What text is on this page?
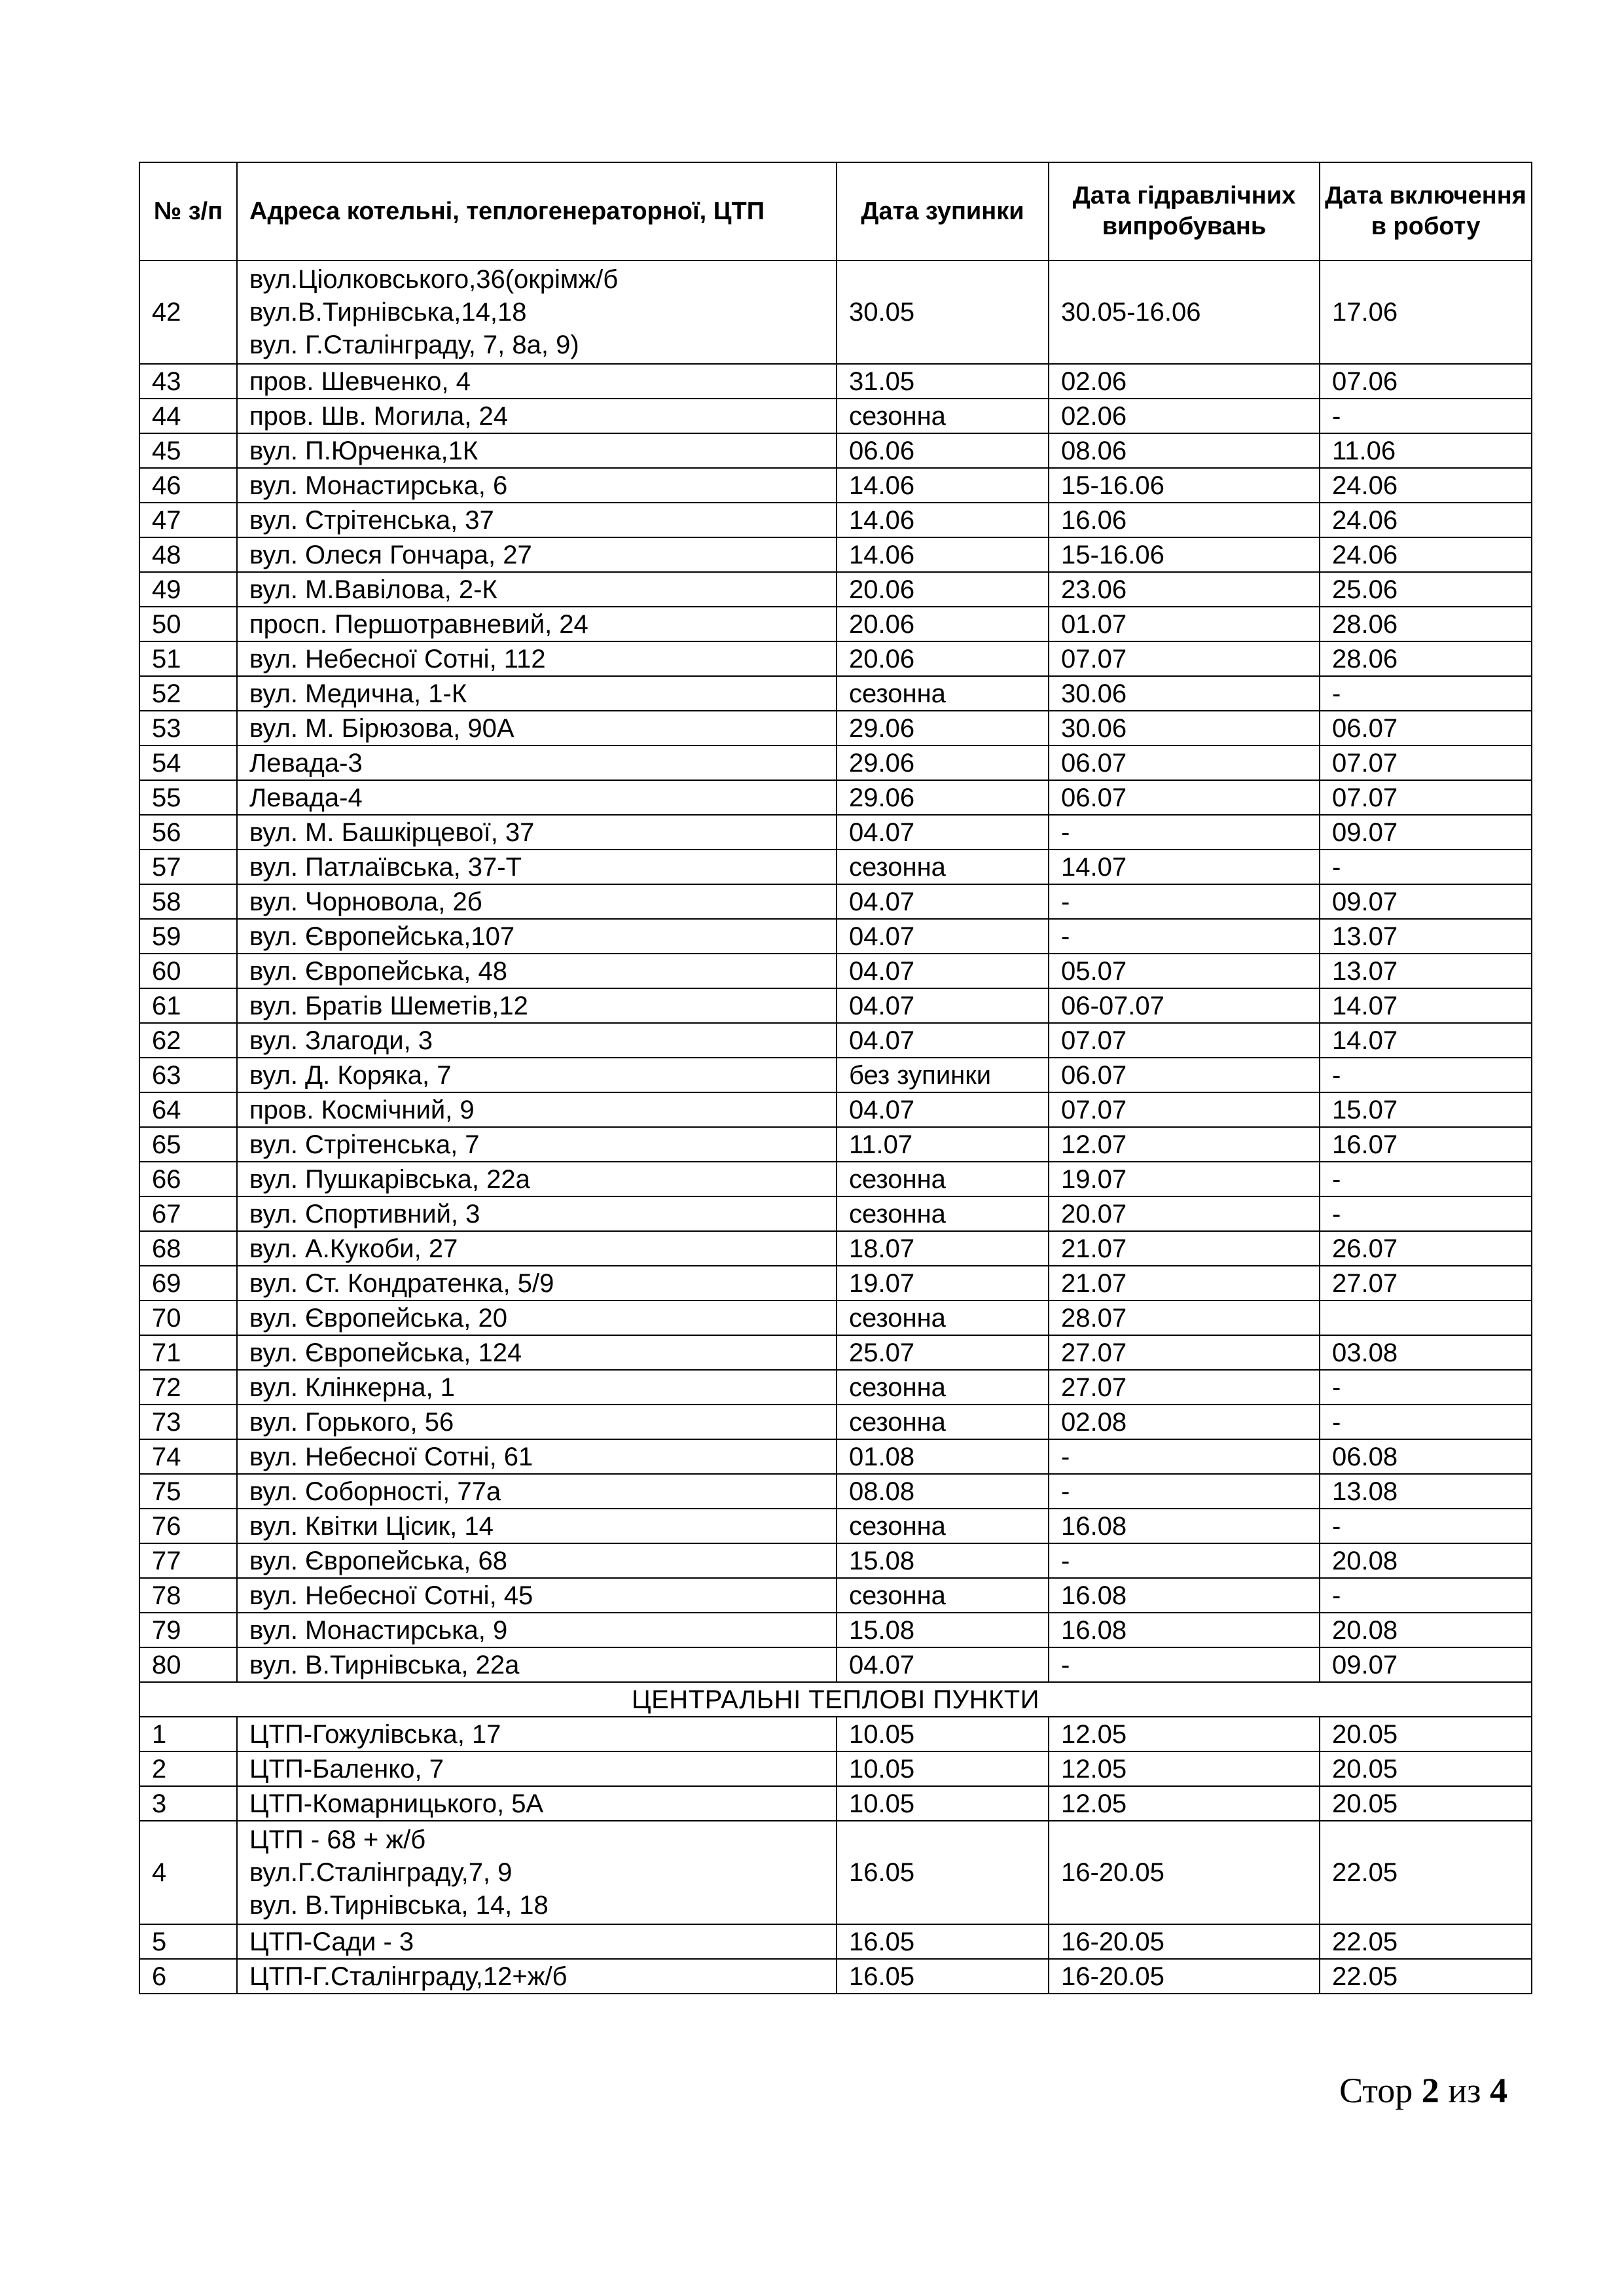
№ з/п	Адреса котельні, теплогенераторної, ЦТП	Дата зупинки	Дата гідравлічних випробувань	Дата включення в роботу
42	вул.Ціолковського,36(окрімж/б
вул.В.Тирнівська,14,18
вул. Г.Сталінграду, 7, 8а, 9)	30.05	30.05-16.06	17.06
43	пров. Шевченко, 4	31.05	02.06	07.06
44	пров. Шв. Могила, 24	сезонна	02.06	-
45	вул. П.Юрченка,1К	06.06	08.06	11.06
46	вул. Монастирська, 6	14.06	15-16.06	24.06
47	вул. Стрітенська, 37	14.06	16.06	24.06
48	вул. Олеся Гончара, 27	14.06	15-16.06	24.06
49	вул. М.Вавілова, 2-К	20.06	23.06	25.06
50	просп. Першотравневий, 24	20.06	01.07	28.06
51	вул. Небесної Сотні, 112	20.06	07.07	28.06
52	вул. Медична, 1-К	сезонна	30.06	-
53	вул. М. Бірюзова, 90А	29.06	30.06	06.07
54	Левада-3	29.06	06.07	07.07
55	Левада-4	29.06	06.07	07.07
56	вул. М. Башкірцевої, 37	04.07	-	09.07
57	вул. Патлаївська, 37-Т	сезонна	14.07	-
58	вул. Чорновола, 2б	04.07	-	09.07
59	вул. Європейська,107	04.07	-	13.07
60	вул. Європейська, 48	04.07	05.07	13.07
61	вул. Братів Шеметів,12	04.07	06-07.07	14.07
62	вул. Злагоди, 3	04.07	07.07	14.07
63	вул. Д. Коряка, 7	без зупинки	06.07	-
64	пров. Космічний, 9	04.07	07.07	15.07
65	вул. Стрітенська, 7	11.07	12.07	16.07
66	вул. Пушкарівська, 22а	сезонна	19.07	-
67	вул. Спортивний, 3	сезонна	20.07	-
68	вул. А.Кукоби, 27	18.07	21.07	26.07
69	вул. Ст. Кондратенка, 5/9	19.07	21.07	27.07
70	вул. Європейська, 20	сезонна	28.07	
71	вул. Європейська, 124	25.07	27.07	03.08
72	вул. Клінкерна, 1	сезонна	27.07	-
73	вул. Горького, 56	сезонна	02.08	-
74	вул. Небесної Сотні, 61	01.08	-	06.08
75	вул. Соборності, 77а	08.08	-	13.08
76	вул. Квітки Цісик, 14	сезонна	16.08	-
77	вул. Європейська, 68	15.08	-	20.08
78	вул. Небесної Сотні, 45	сезонна	16.08	-
79	вул. Монастирська, 9	15.08	16.08	20.08
80	вул. В.Тирнівська, 22а	04.07	-	09.07
ЦЕНТРАЛЬНІ ТЕПЛОВІ ПУНКТИ				
1	ЦТП-Гожулівська, 17	10.05	12.05	20.05
2	ЦТП-Баленко, 7	10.05	12.05	20.05
3	ЦТП-Комарницького, 5А	10.05	12.05	20.05
4	ЦТП - 68 + ж/б
вул.Г.Сталінграду,7, 9
вул. В.Тирнівська, 14, 18	16.05	16-20.05	22.05
5	ЦТП-Сади - 3	16.05	16-20.05	22.05
6	ЦТП-Г.Сталінграду,12+ж/б	16.05	16-20.05	22.05
Стор 2 из 4
